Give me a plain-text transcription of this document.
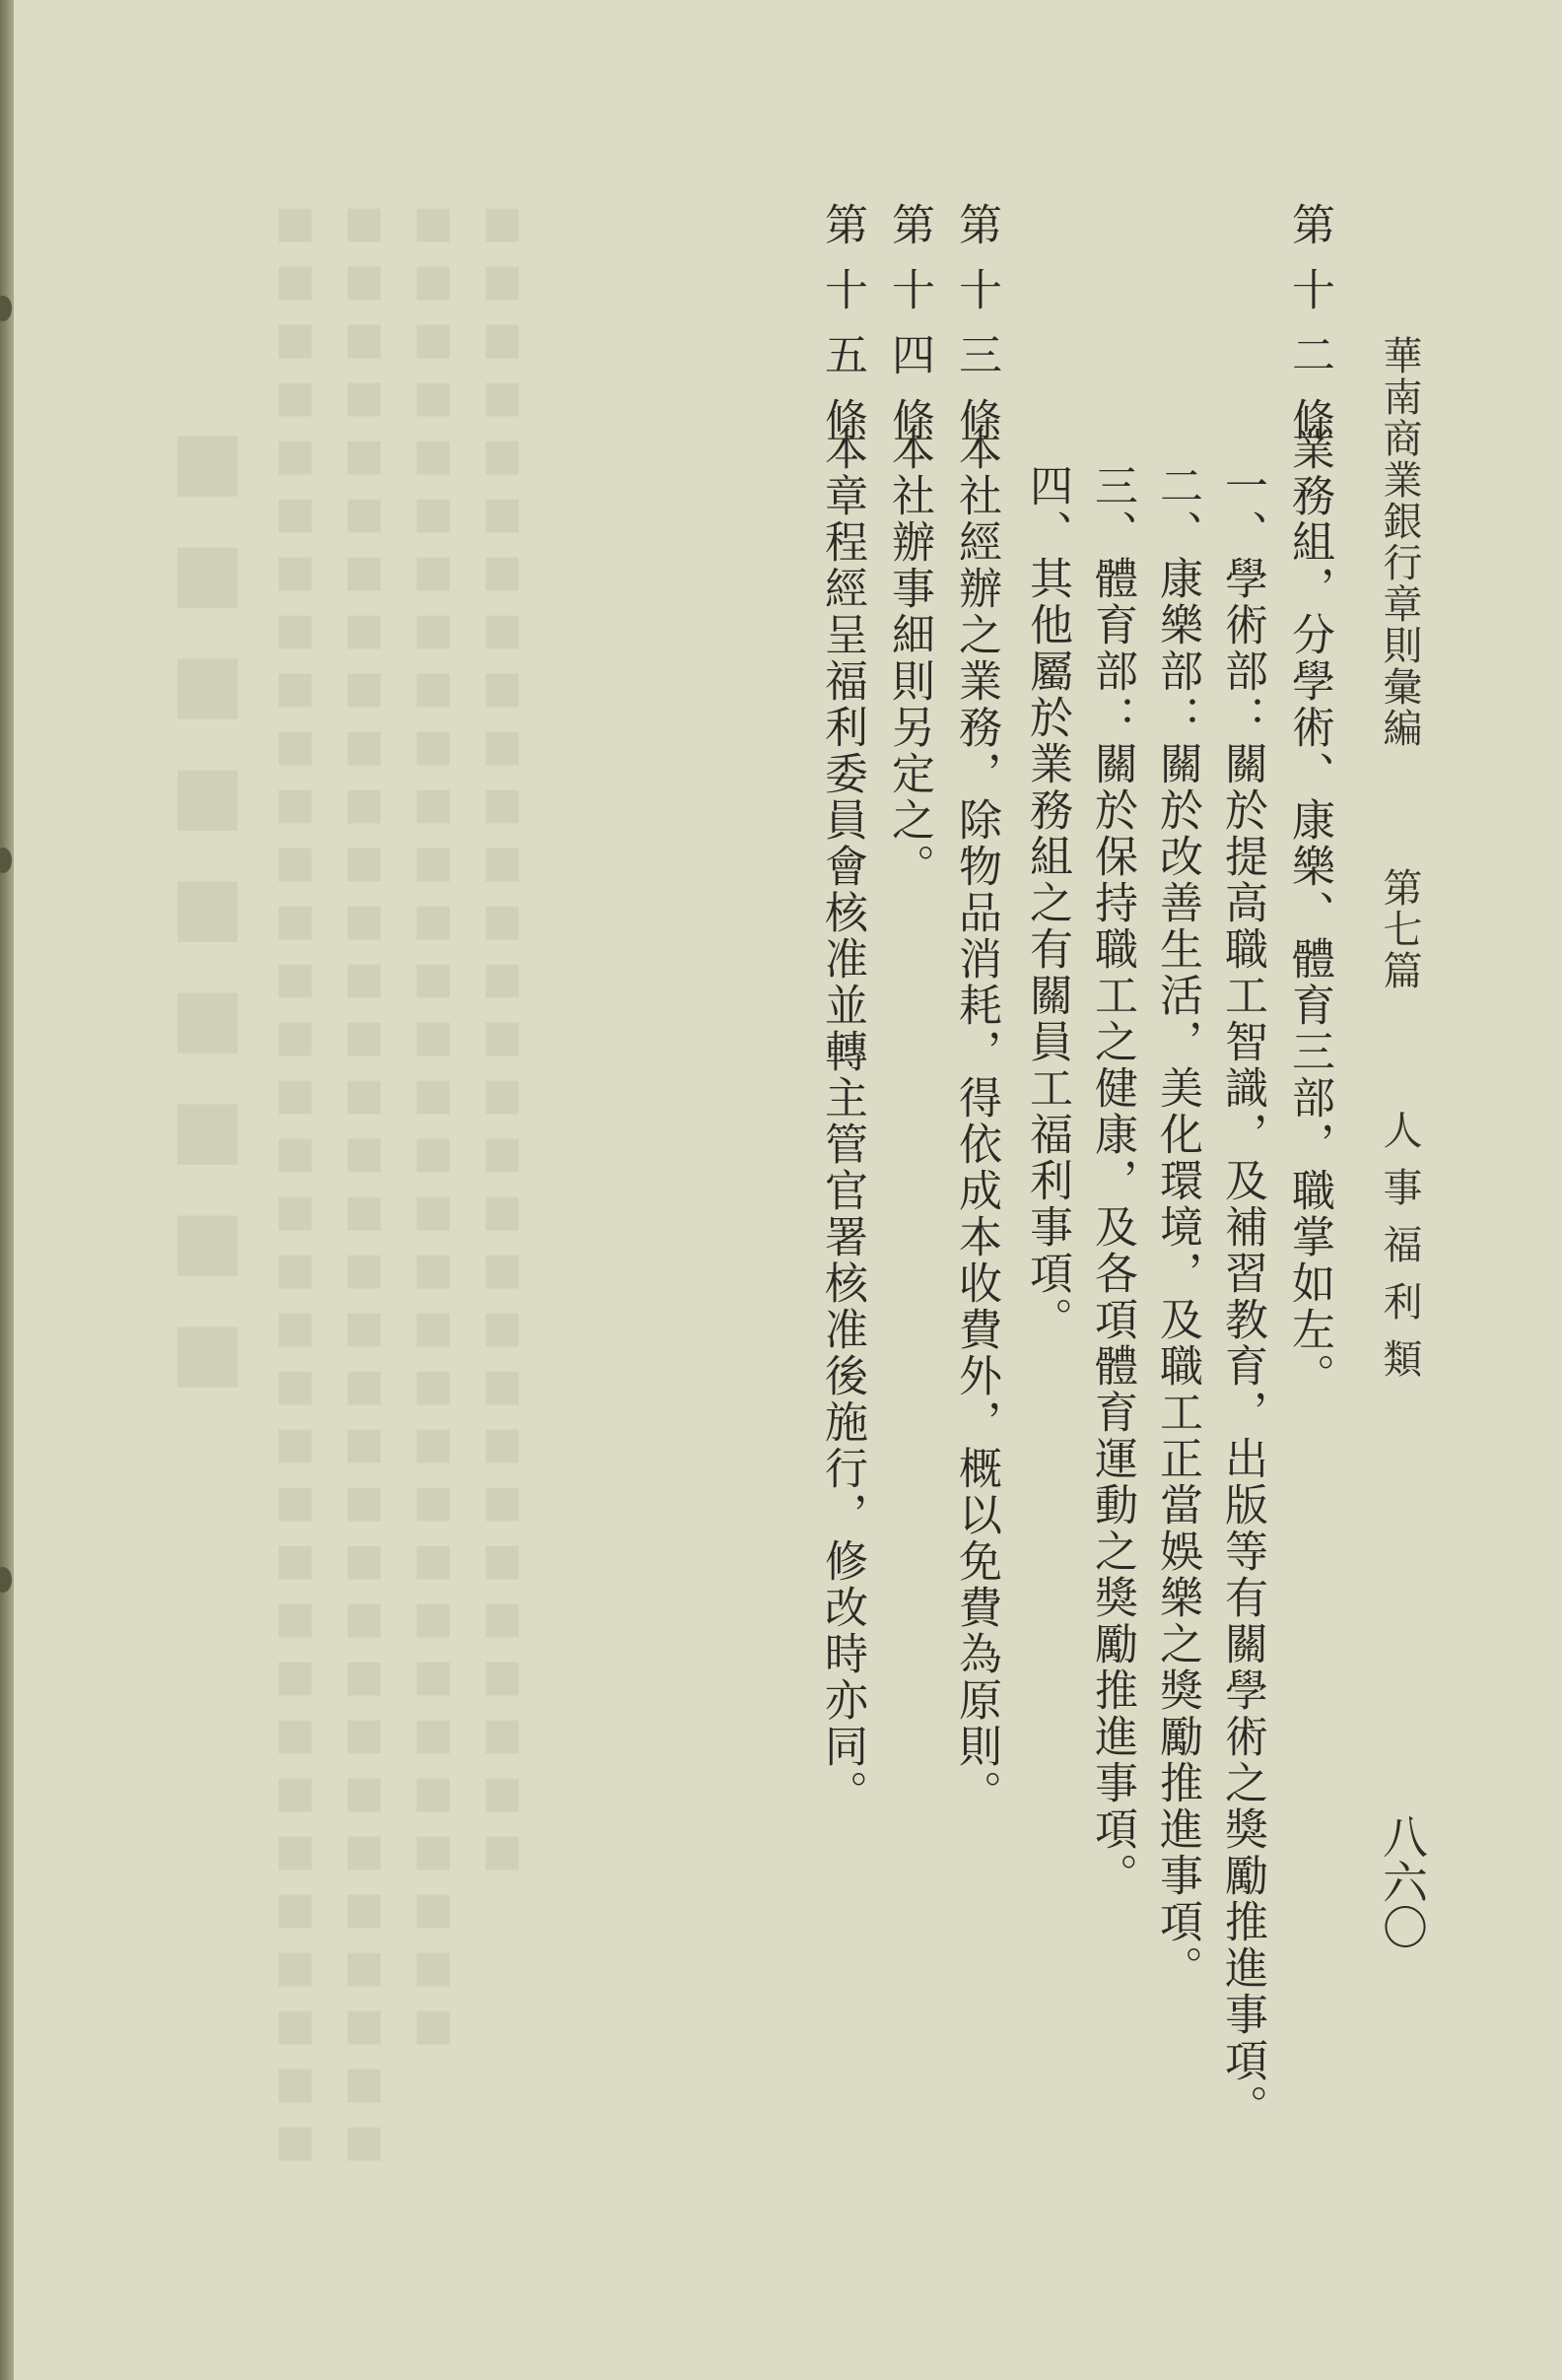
■■■■■■■■■ ■■■■■■■■■■■■■■■■■■■■■■■■■■■■■■■■■■ ■■■■■■■■■■■■■■■■■■■■■■■■■■■■■■■■■■ ■■■■■■■■■■■■■■■■■■■■■■■■■■■■■■■■ ■■■■■■■■■■■■■■■■■■■■■■■■■■■■■	華南商業銀行章則彙編  第七篇  人事福利類
八六〇
第十二條
業務組，分學術、康樂、體育三部，職掌如左。
一、學術部：關於提高職工智識，及補習教育，出版等有關學術之獎勵推進事項。
二、康樂部：關於改善生活，美化環境，及職工正當娛樂之獎勵推進事項。
三、體育部：關於保持職工之健康，及各項體育運動之獎勵推進事項。
四、其他屬於業務組之有關員工福利事項。
第十三條
本社經辦之業務，除物品消耗，得依成本收費外，概以免費為原則。
第十四條
本社辦事細則另定之。
第十五條
本章程經呈福利委員會核准並轉主管官署核准後施行，修改時亦同。
